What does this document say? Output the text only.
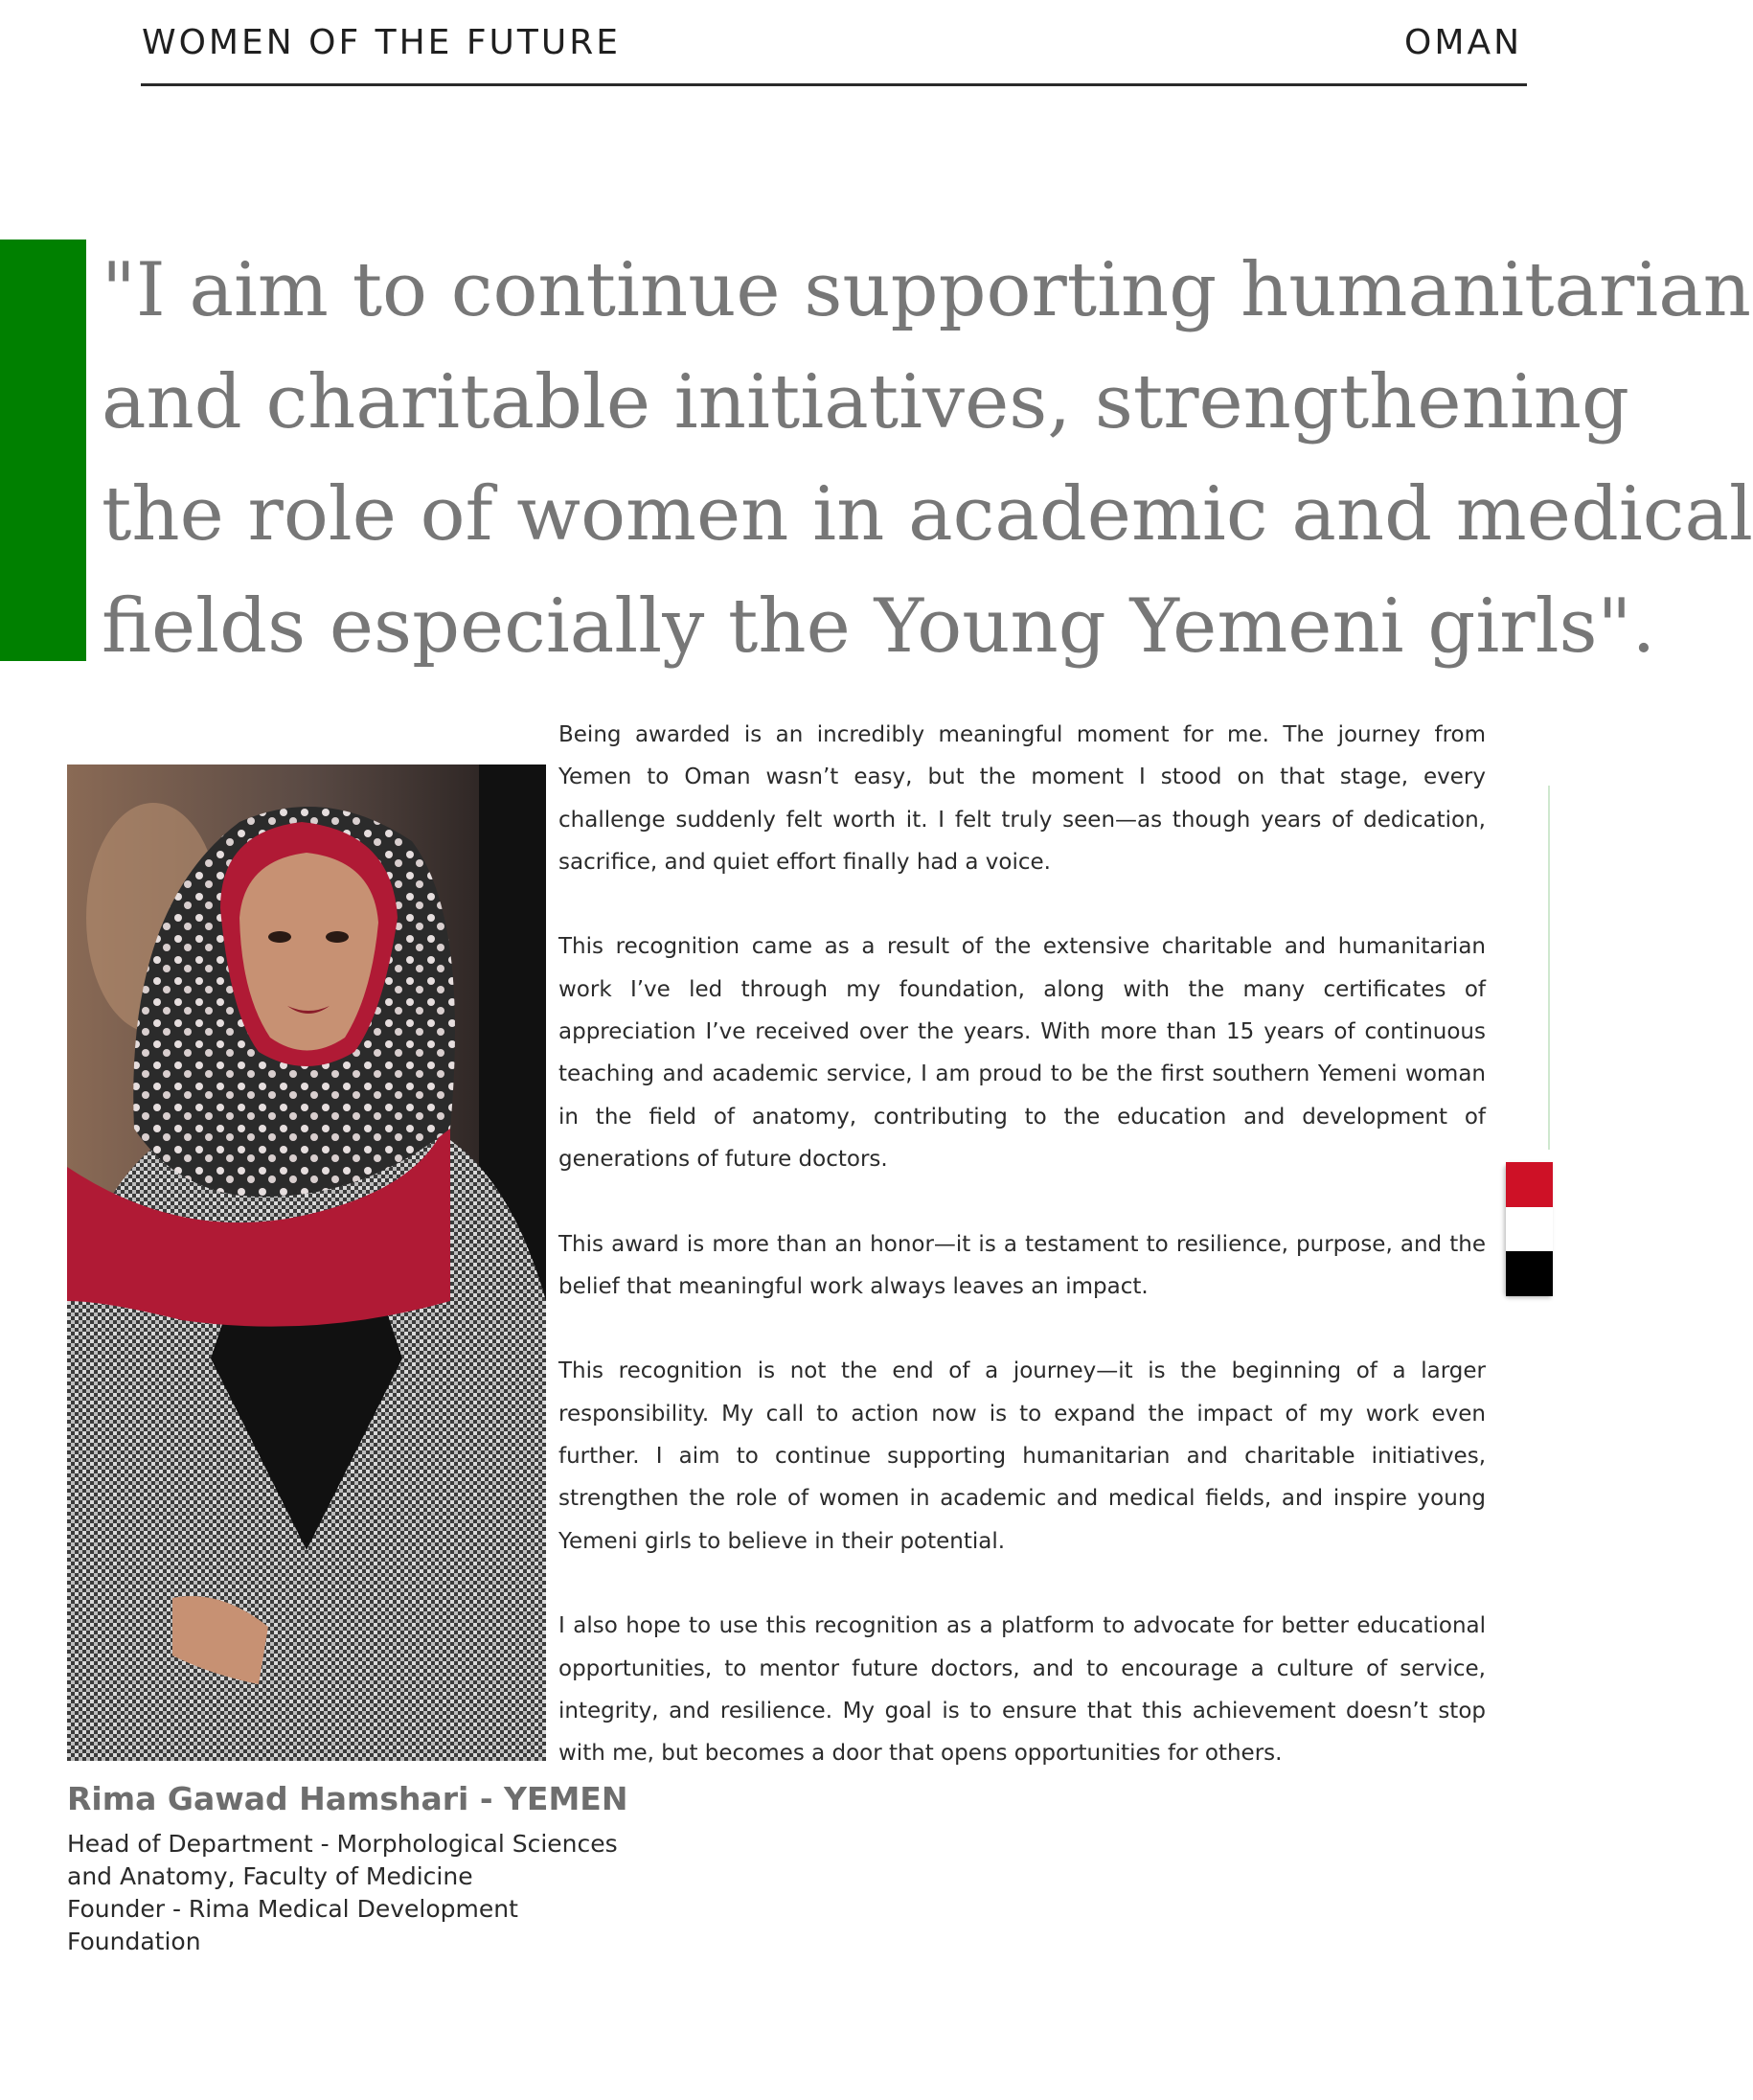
WOMEN OF THE FUTURE	OMAN
"I aim to continue supporting humanitarian
and charitable initiatives, strengthening
the role of women in academic and medical
fields especially the Young Yemeni girls".

Being awarded is an incredibly meaningful moment for me. The journey from Yemen to Oman wasn’t easy, but the moment I stood on that stage, every challenge suddenly felt worth it. I felt truly seen—as though years of dedication, sacrifice, and quiet effort finally had a voice.

This recognition came as a result of the extensive charitable and humanitarian work I’ve led through my foundation, along with the many certificates of appreciation I’ve received over the years. With more than 15 years of continuous teaching and academic service, I am proud to be the first southern Yemeni woman in the field of anatomy, contributing to the education and development of generations of future doctors.

This award is more than an honor—it is a testament to resilience, purpose, and the belief that meaningful work always leaves an impact.

This recognition is not the end of a journey—it is the beginning of a larger responsibility. My call to action now is to expand the impact of my work even further. I aim to continue supporting humanitarian and charitable initiatives, strengthen the role of women in academic and medical fields, and inspire young Yemeni girls to believe in their potential.

I also hope to use this recognition as a platform to advocate for better educational opportunities, to mentor future doctors, and to encourage a culture of service, integrity, and resilience. My goal is to ensure that this achievement doesn’t stop with me, but becomes a door that opens opportunities for others.

Rima Gawad Hamshari - YEMEN
Head of Department - Morphological Sciences
and Anatomy, Faculty of Medicine
Founder - Rima Medical Development
Foundation
